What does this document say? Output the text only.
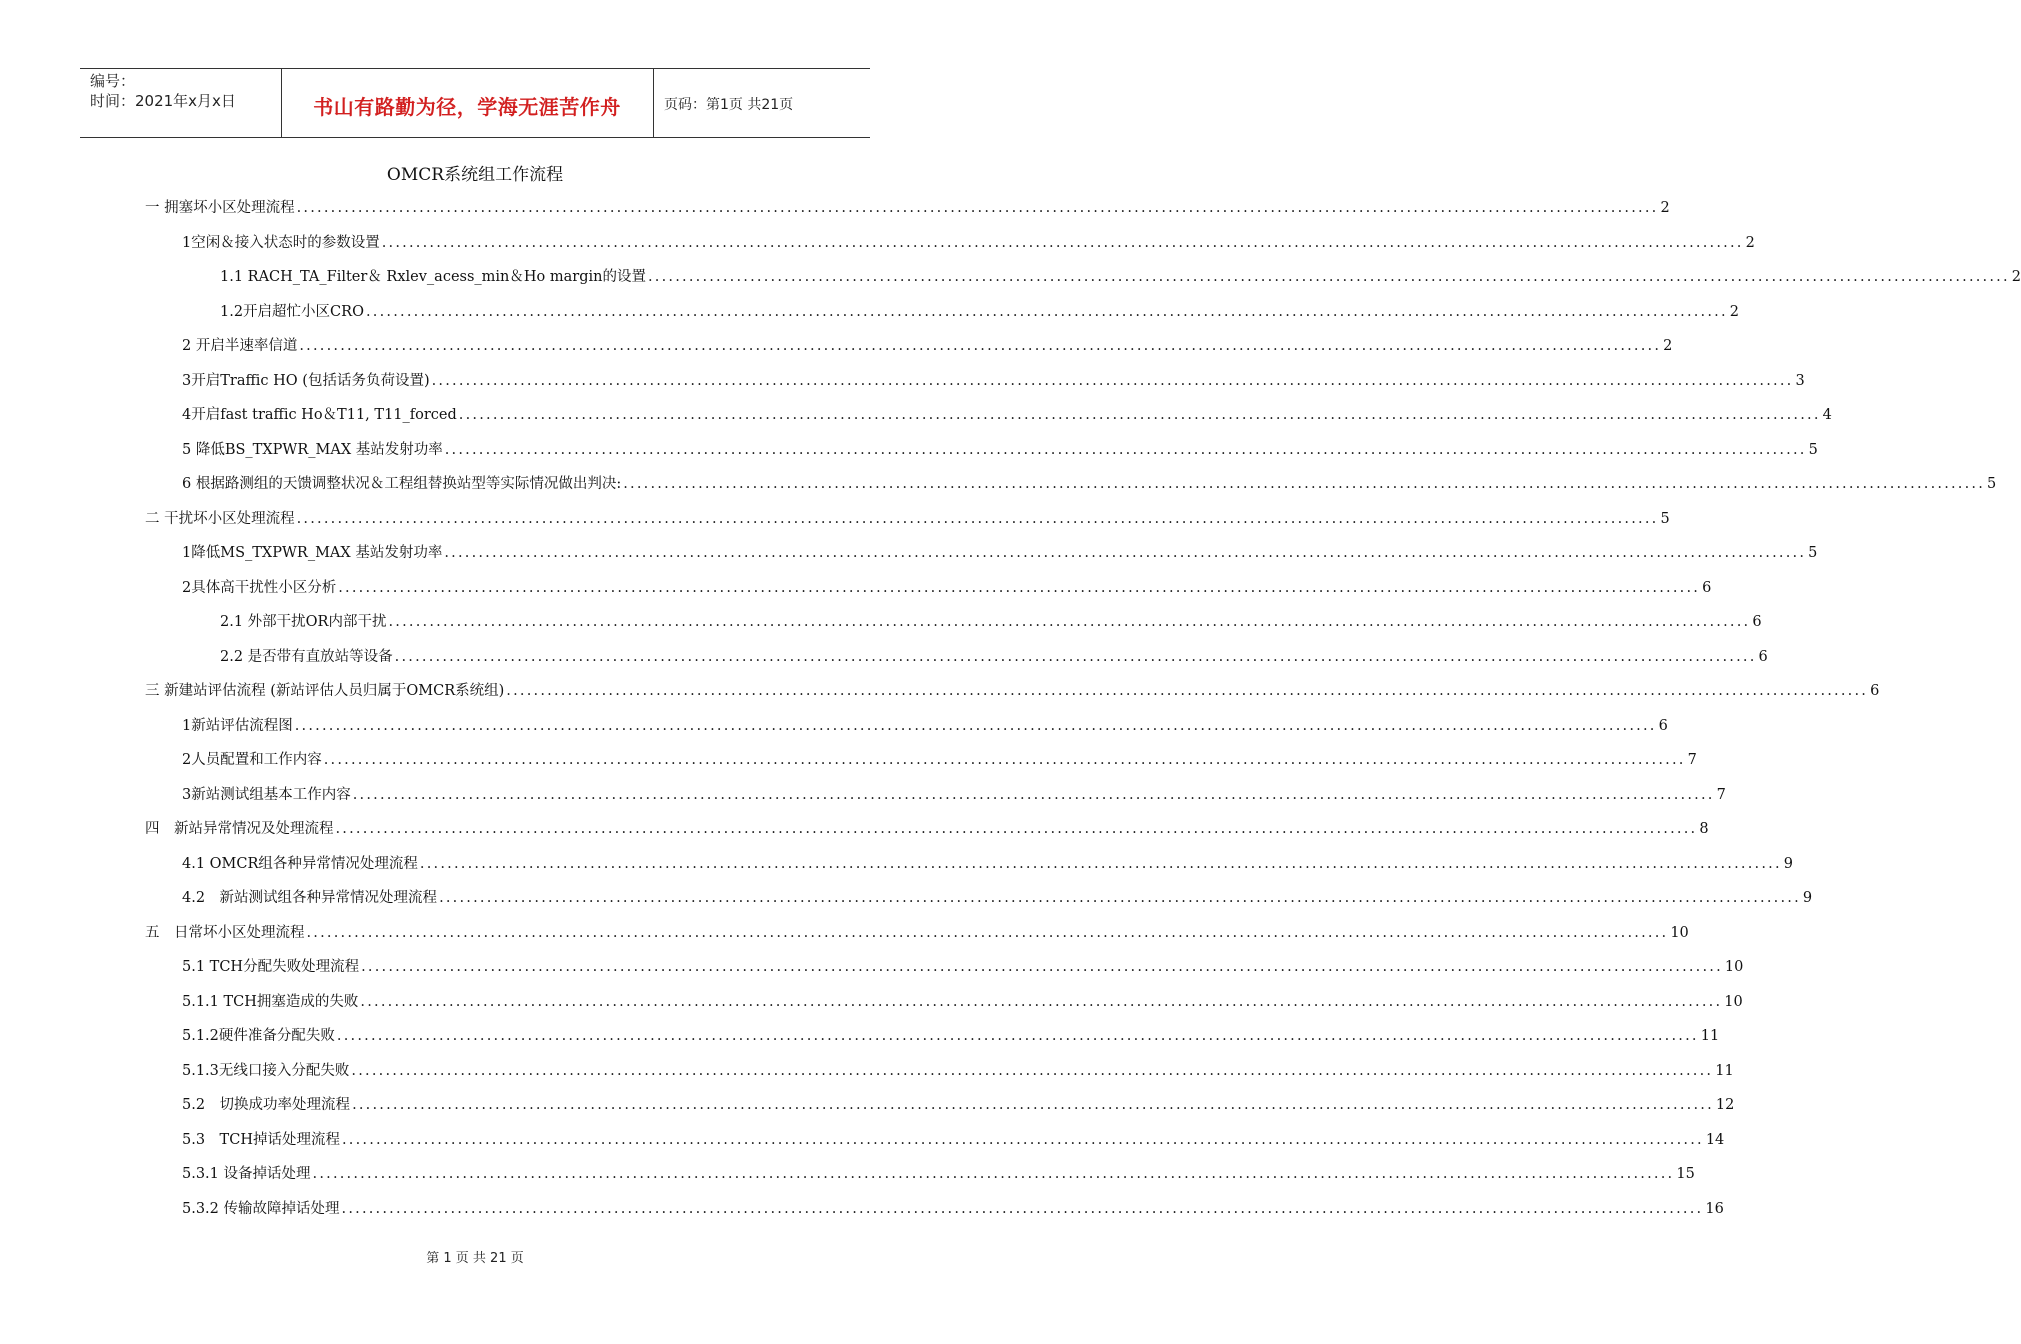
编号：
时间：2021年x月x日	书山有路勤为径，学海无涯苦作舟	页码：第1页 共21页
OMCR系统组工作流程
一 拥塞坏小区处理流程 ........................................................................................................................................................................................................ 2
1空闲＆接入状态时的参数设置 ........................................................................................................................................................................................................ 2
1.1 RACH_TA_Filter＆ Rxlev_acess_min＆Ho margin的设置 ........................................................................................................................................................................................................ 2
1.2开启超忙小区CRO ........................................................................................................................................................................................................ 2
2 开启半速率信道 ........................................................................................................................................................................................................ 2
3开启Traffic HO (包括话务负荷设置) ........................................................................................................................................................................................................ 3
4开启fast traffic Ho＆T11, T11_forced ........................................................................................................................................................................................................ 4
5 降低BS_TXPWR_MAX 基站发射功率 ........................................................................................................................................................................................................ 5
6 根据路测组的天馈调整状况＆工程组替换站型等实际情况做出判决: ........................................................................................................................................................................................................ 5
二 干扰坏小区处理流程 ........................................................................................................................................................................................................ 5
1降低MS_TXPWR_MAX 基站发射功率 ........................................................................................................................................................................................................ 5
2具体高干扰性小区分析 ........................................................................................................................................................................................................ 6
2.1 外部干扰OR内部干扰 ........................................................................................................................................................................................................ 6
2.2 是否带有直放站等设备 ........................................................................................................................................................................................................ 6
三 新建站评估流程 (新站评估人员归属于OMCR系统组) ........................................................................................................................................................................................................ 6
1新站评估流程图 ........................................................................................................................................................................................................ 6
2人员配置和工作内容 ........................................................................................................................................................................................................ 7
3新站测试组基本工作内容 ........................................................................................................................................................................................................ 7
四　新站异常情况及处理流程 ........................................................................................................................................................................................................ 8
4.1 OMCR组各种异常情况处理流程 ........................................................................................................................................................................................................ 9
4.2　新站测试组各种异常情况处理流程 ........................................................................................................................................................................................................ 9
五　日常坏小区处理流程 ........................................................................................................................................................................................................ 10
5.1 TCH分配失败处理流程 ........................................................................................................................................................................................................ 10
5.1.1 TCH拥塞造成的失败 ........................................................................................................................................................................................................ 10
5.1.2硬件准备分配失败 ........................................................................................................................................................................................................ 11
5.1.3无线口接入分配失败 ........................................................................................................................................................................................................ 11
5.2　切换成功率处理流程 ........................................................................................................................................................................................................ 12
5.3　TCH掉话处理流程 ........................................................................................................................................................................................................ 14
5.3.1 设备掉话处理 ........................................................................................................................................................................................................ 15
5.3.2 传输故障掉话处理 ........................................................................................................................................................................................................ 16
第 1 页 共 21 页
